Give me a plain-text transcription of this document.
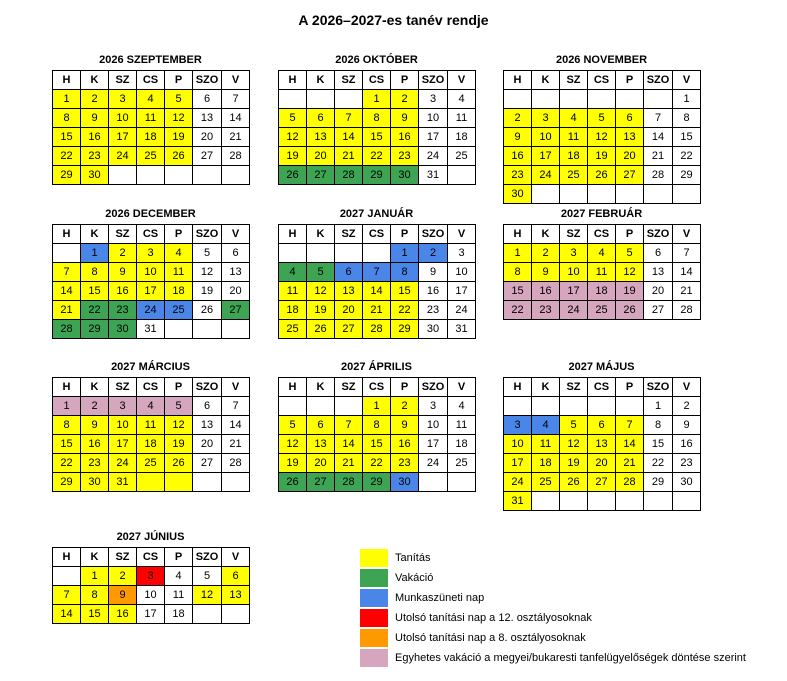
A 2026–2027-es tanév rendje
2026 SZEPTEMBER
H	K	SZ	CS	P	SZO	V
1	2	3	4	5	6	7
8	9	10	11	12	13	14
15	16	17	18	19	20	21
22	23	24	25	26	27	28
29	30					
2026 OKTÓBER
H	K	SZ	CS	P	SZO	V
			1	2	3	4
5	6	7	8	9	10	11
12	13	14	15	16	17	18
19	20	21	22	23	24	25
26	27	28	29	30	31	
2026 NOVEMBER
H	K	SZ	CS	P	SZO	V
						1
2	3	4	5	6	7	8
9	10	11	12	13	14	15
16	17	18	19	20	21	22
23	24	25	26	27	28	29
30						
2026 DECEMBER
H	K	SZ	CS	P	SZO	V
	1	2	3	4	5	6
7	8	9	10	11	12	13
14	15	16	17	18	19	20
21	22	23	24	25	26	27
28	29	30	31			
2027 JANUÁR
H	K	SZ	CS	P	SZO	V
				1	2	3
4	5	6	7	8	9	10
11	12	13	14	15	16	17
18	19	20	21	22	23	24
25	26	27	28	29	30	31
2027 FEBRUÁR
H	K	SZ	CS	P	SZO	V
1	2	3	4	5	6	7
8	9	10	11	12	13	14
15	16	17	18	19	20	21
22	23	24	25	26	27	28
2027 MÁRCIUS
H	K	SZ	CS	P	SZO	V
1	2	3	4	5	6	7
8	9	10	11	12	13	14
15	16	17	18	19	20	21
22	23	24	25	26	27	28
29	30	31				
2027 ÁPRILIS
H	K	SZ	CS	P	SZO	V
			1	2	3	4
5	6	7	8	9	10	11
12	13	14	15	16	17	18
19	20	21	22	23	24	25
26	27	28	29	30		
2027 MÁJUS
H	K	SZ	CS	P	SZO	V
					1	2
3	4	5	6	7	8	9
10	11	12	13	14	15	16
17	18	19	20	21	22	23
24	25	26	27	28	29	30
31						
2027 JÚNIUS
H	K	SZ	CS	P	SZO	V
	1	2	3	4	5	6
7	8	9	10	11	12	13
14	15	16	17	18		
Tanítás
Vakáció
Munkaszüneti nap
Utolsó tanítási nap a 12. osztályosoknak
Utolsó tanítási nap a 8. osztályosoknak
Egyhetes vakáció a megyei/bukaresti tanfelügyelőségek döntése szerint
